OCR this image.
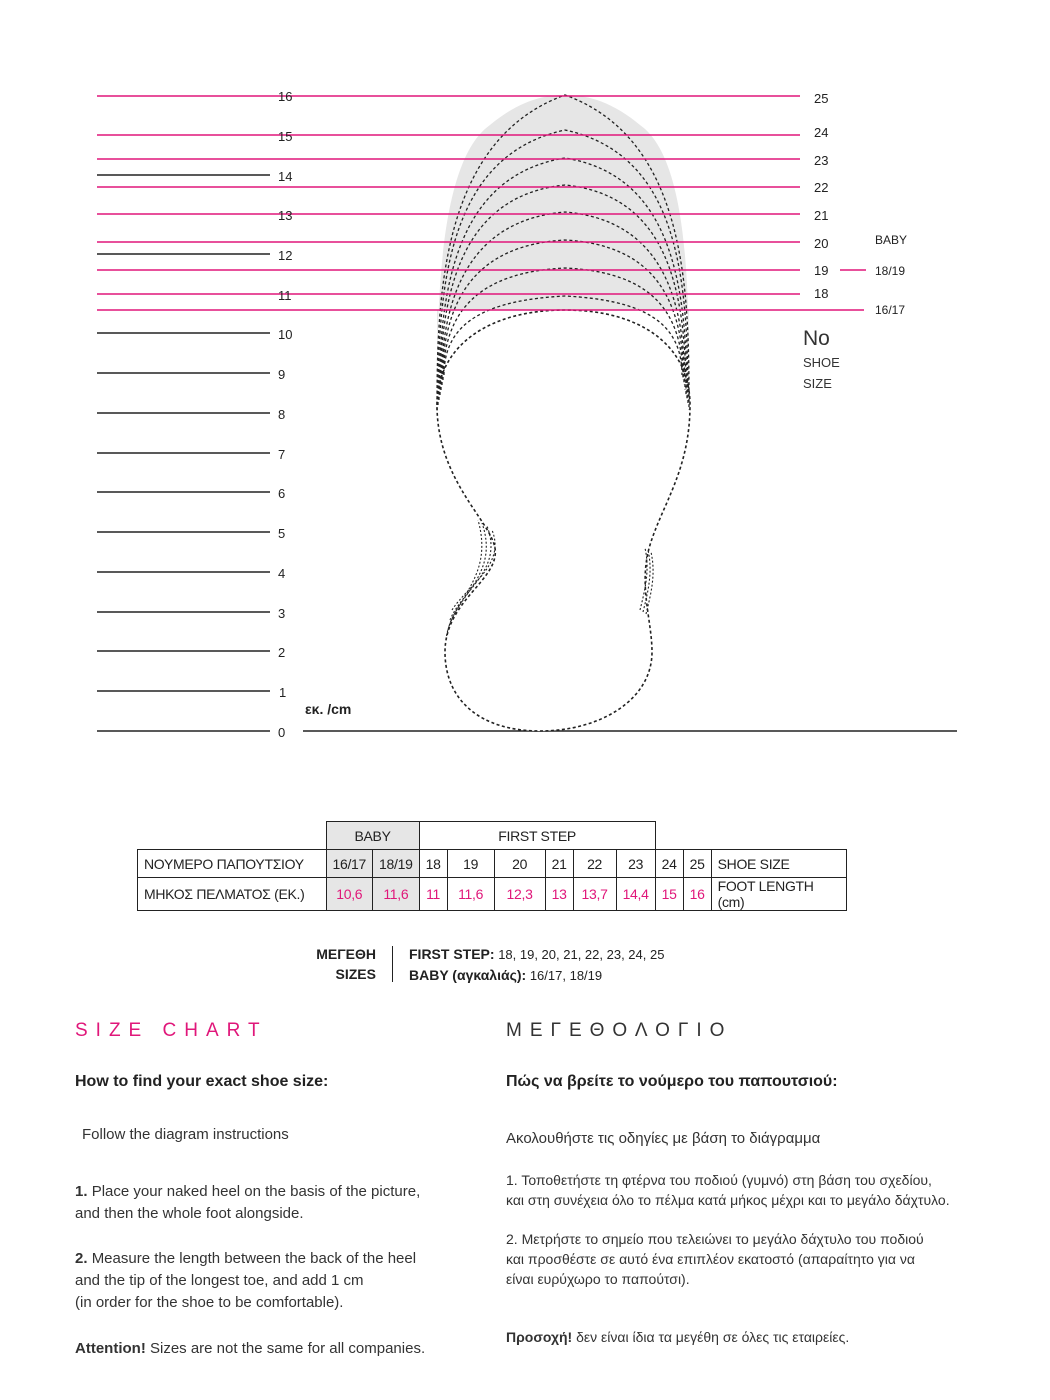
0
1
2
3
4
5
6
7
8
9
10
11
12
13
14
15
16
εκ. /cm
25
24
23
22
21
20
19
18
BABY
18/19
16/17
No
SHOE
SIZE
	BABY		FIRST STEP								
ΝΟΥΜΕΡΟ ΠΑΠΟΥΤΣΙΟΥ	16/17	18/19	18	19	20	21	22	23	24	25	SHOE SIZE
ΜΗΚΟΣ ΠΕΛΜΑΤΟΣ (ΕΚ.)	10,6	11,6	11	11,6	12,3	13	13,7	14,4	15	16	FOOT LENGTH (cm)
ΜΕΓΕΘΗ
SIZES
FIRST STEP: 18, 19, 20, 21, 22, 23, 24, 25
BABY (αγκαλιάς): 16/17, 18/19
SIZE CHART
How to find your exact shoe size:
Follow the diagram instructions
1. Place your naked heel on the basis of the picture,
and then the whole foot alongside.
2. Measure the length between the back of the heel
and the tip of the longest toe, and add 1 cm
(in order for the shoe to be comfortable).
Attention! Sizes are not the same for all companies.
ΜΕΓΕΘΟΛΟΓΙΟ
Πώς να βρείτε το νούμερο του παπουτσιού:
Ακολουθήστε τις οδηγίες με βάση το διάγραμμα
1. Τοποθετήστε τη φτέρνα του ποδιού (γυμνό) στη βάση του σχεδίου,
και στη συνέχεια όλο το πέλμα κατά μήκος μέχρι και το μεγάλο δάχτυλο.
2. Μετρήστε το σημείο που τελειώνει το μεγάλο δάχτυλο του ποδιού
και προσθέστε σε αυτό ένα επιπλέον εκατοστό (απαραίτητο για να
είναι ευρύχωρο το παπούτσι).
Προσοχή! δεν είναι ίδια τα μεγέθη σε όλες τις εταιρείες.
